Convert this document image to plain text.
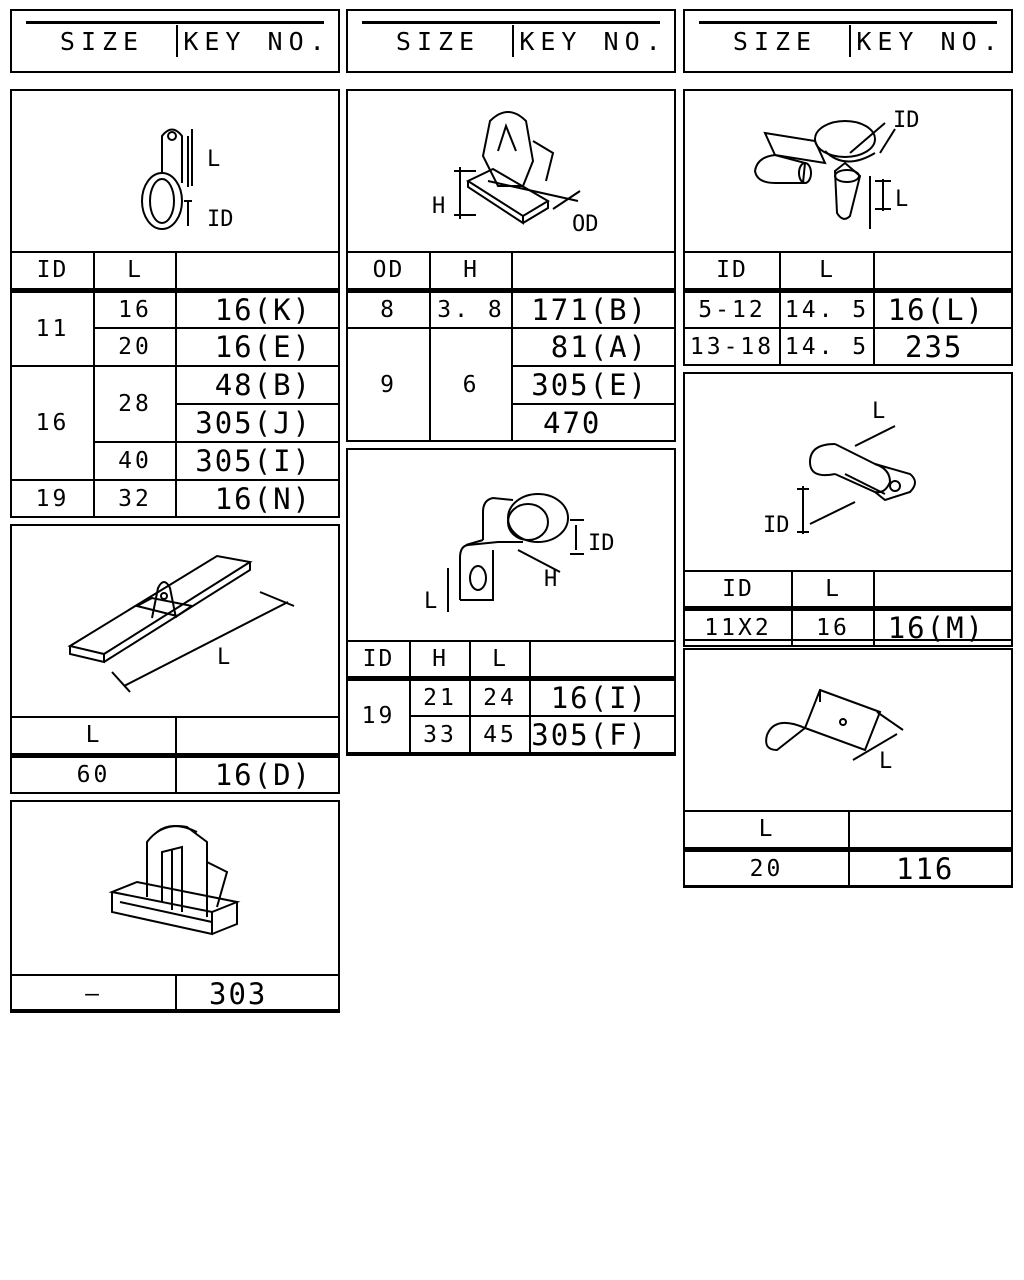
SIZE	KEY NO.	SIZE	KEY NO.	SIZE	KEY NO.
L
ID
ID	L	
11	16	16(K)
	20	16(E)
16	28	48(B)
		305(J)
	40	305(I)
19	32	16(N)
L
L	
60	16(D)
—	303
H
OD
OD	H	
8	3. 8	171(B)
9	6	81(A)
		305(E)
		470
ID
H
L
ID	H	L	
19	21	24	16(I)
	33	45	305(F)
ID
L
ID	L	
5-12	14. 5	16(L)
13-18	14. 5	235
L
ID
ID	L	
11X2	16	16(M)
L
L	
20	116
